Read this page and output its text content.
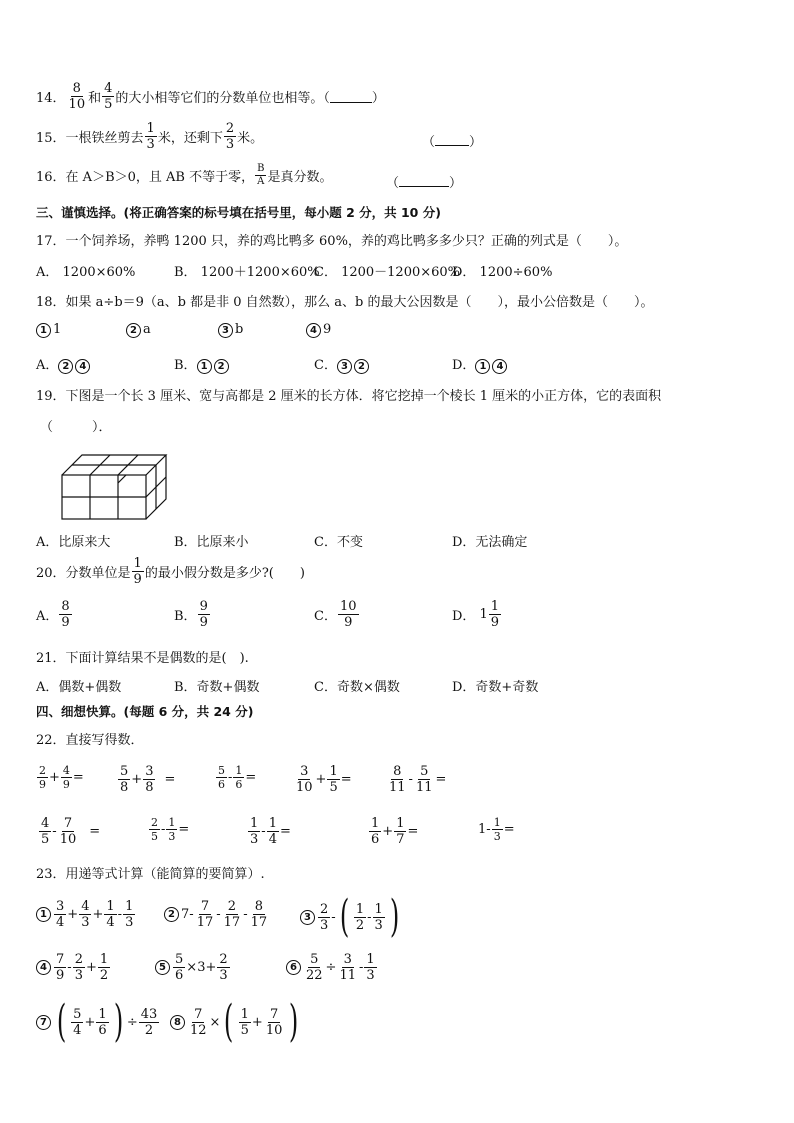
14． $\frac{8}{10}$ 和 $\frac{4}{5}$ 的大小相等它们的分数单位也相等。（	）
15．一根铁丝剪去 $\frac{1}{3}$ 米，还剩下 $\frac{2}{3}$ 米。	（	）
16．在 A＞B＞0，且 AB 不等于零， $\frac{B}{A}$ 是真分数。	（	）
三、谨慎选择。(将正确答案的标号填在括号里，每小题 2 分，共 10 分)
17．一个饲养场，养鸭 1200 只，养的鸡比鸭多 60%，养的鸡比鸭多多少只？正确的列式是（　　）。
A． 1200×60%	B． 1200＋1200×60%
C． 1200－1200×60%
D． 1200÷60%
18．如果 a÷b＝9（a、b 都是非 0 自然数），那么 a、b 的最大公因数是（　　），最小公倍数是（　　）。
1 1	2 a	3 b	4 9
A． 2 4	B． 1 2	C． 3 2	D． 1 4
19．下图是一个长 3 厘米、宽与高都是 2 厘米的长方体．将它挖掉一个棱长 1 厘米的小正方体，它的表面积
（　　　）．
A．比原来大	B．比原来小	C．不变	D．无法确定
20．分数单位是 $\frac{1}{9}$ 的最小假分数是多少?(　　)
A． $\frac{8}{9}$	B． $\frac{9}{9}$	C． $\frac{10}{9}$	D． $1 \frac{1}{9}$
21．下面计算结果不是偶数的是(　).
A．偶数+偶数	B．奇数+偶数	C．奇数×偶数	D．奇数+奇数
四、细想快算。(每题 6 分，共 24 分)
22．直接写得数．
$\frac{2}{9} + \frac{4}{9}$ =	$\frac{5}{8} + \frac{3}{8}$ =	$\frac{5}{6} - \frac{1}{6}$ =	$\frac{3}{10} + \frac{1}{5}$ =	$\frac{8}{11} - \frac{5}{11}$ =
$\frac{4}{5} - \frac{7}{10}$ =	$\frac{2}{5} - \frac{1}{3}$ =	$\frac{1}{3} - \frac{1}{4}$ =	$\frac{1}{6} + \frac{1}{7}$ =	$1 - \frac{1}{3}$ =
23．用递等式计算（能简算的要简算）.
$1 \frac{3}{4} + \frac{4}{3} + \frac{1}{4} - \frac{1}{3}$	2 $7 - \frac{7}{17} - \frac{2}{17} - \frac{8}{17}$	$3 \frac{2}{3}$ - ( $\frac{1}{2} - \frac{1}{3}$ )
$4 \frac{7}{9} - \frac{2}{3} + \frac{1}{2}$	$5 \frac{5}{6} \times 3 + \frac{2}{3}$	$6 \frac{5}{22} \div \frac{3}{11} - \frac{1}{3}$
7 ( $\frac{5}{4} + \frac{1}{6}$ ) ÷ $\frac{43}{2}$	$8 \frac{7}{12}$ × ( $\frac{1}{5} + \frac{7}{10}$ )
